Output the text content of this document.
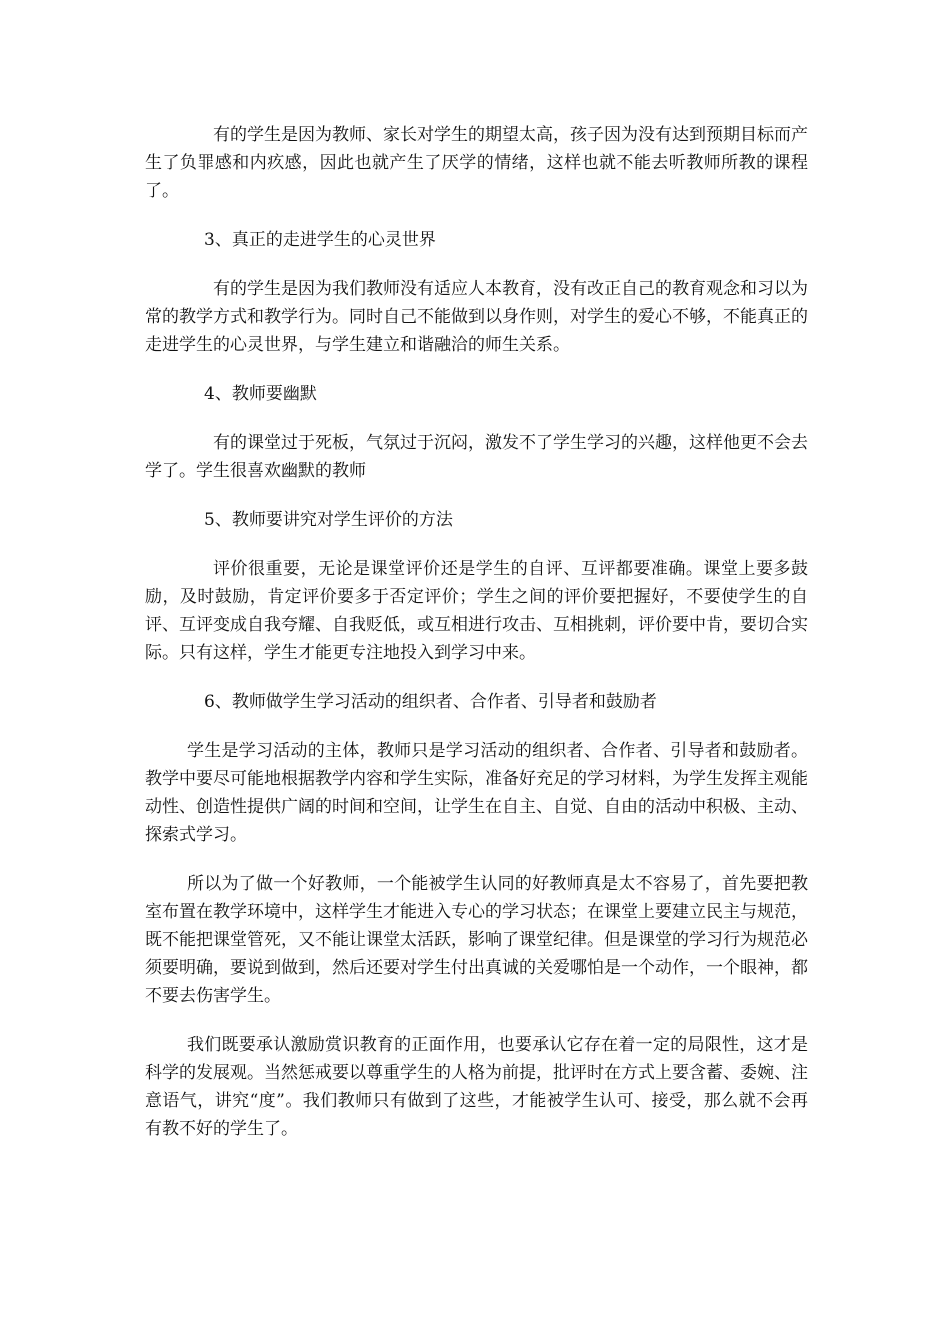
有的学生是因为教师、家长对学生的期望太高，孩子因为没有达到预期目标而产生了负罪感和内疚感，因此也就产生了厌学的情绪，这样也就不能去听教师所教的课程了。

3、真正的走进学生的心灵世界

有的学生是因为我们教师没有适应人本教育，没有改正自己的教育观念和习以为常的教学方式和教学行为。同时自己不能做到以身作则，对学生的爱心不够，不能真正的走进学生的心灵世界，与学生建立和谐融洽的师生关系。

4、教师要幽默

有的课堂过于死板，气氛过于沉闷，激发不了学生学习的兴趣，这样他更不会去学了。学生很喜欢幽默的教师

5、教师要讲究对学生评价的方法

评价很重要，无论是课堂评价还是学生的自评、互评都要准确。课堂上要多鼓励，及时鼓励，肯定评价要多于否定评价；学生之间的评价要把握好，不要使学生的自评、互评变成自我夸耀、自我贬低，或互相进行攻击、互相挑刺，评价要中肯，要切合实际。只有这样，学生才能更专注地投入到学习中来。

6、教师做学生学习活动的组织者、合作者、引导者和鼓励者

学生是学习活动的主体，教师只是学习活动的组织者、合作者、引导者和鼓励者。教学中要尽可能地根据教学内容和学生实际，准备好充足的学习材料，为学生发挥主观能动性、创造性提供广阔的时间和空间，让学生在自主、自觉、自由的活动中积极、主动、探索式学习。

所以为了做一个好教师，一个能被学生认同的好教师真是太不容易了，首先要把教室布置在教学环境中，这样学生才能进入专心的学习状态；在课堂上要建立民主与规范，既不能把课堂管死，又不能让课堂太活跃，影响了课堂纪律。但是课堂的学习行为规范必须要明确，要说到做到，然后还要对学生付出真诚的关爱哪怕是一个动作，一个眼神，都不要去伤害学生。

我们既要承认激励赏识教育的正面作用，也要承认它存在着一定的局限性，这才是科学的发展观。当然惩戒要以尊重学生的人格为前提，批评时在方式上要含蓄、委婉、注意语气，讲究“度”。我们教师只有做到了这些，才能被学生认可、接受，那么就不会再有教不好的学生了。
